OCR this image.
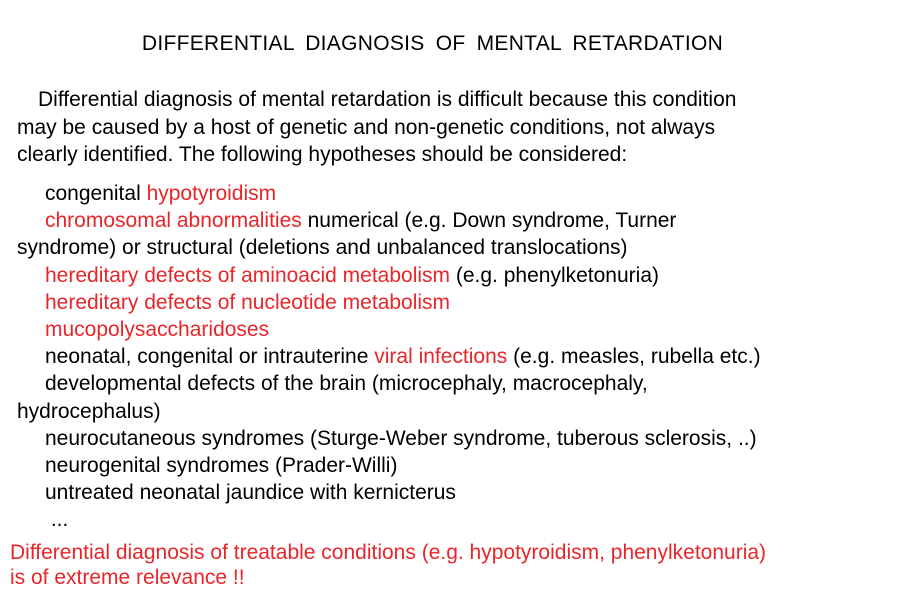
DIFFERENTIAL DIAGNOSIS OF MENTAL RETARDATION
Differential diagnosis of mental retardation is difficult because this condition
may be caused by a host of genetic and non-genetic conditions, not always
clearly identified. The following hypotheses should be considered:
congenital hypotyroidism
chromosomal abnormalities numerical (e.g. Down syndrome, Turner
syndrome) or structural (deletions and unbalanced translocations)
hereditary defects of aminoacid metabolism (e.g. phenylketonuria)
hereditary defects of nucleotide metabolism
mucopolysaccharidoses
neonatal, congenital or intrauterine viral infections (e.g. measles, rubella etc.)
developmental defects of the brain (microcephaly, macrocephaly,
hydrocephalus)
neurocutaneous syndromes (Sturge-Weber syndrome, tuberous sclerosis, ..)
neurogenital syndromes (Prader-Willi)
untreated neonatal jaundice with kernicterus
...
Differential diagnosis of treatable conditions (e.g. hypotyroidism, phenylketonuria)
is of extreme relevance !!
